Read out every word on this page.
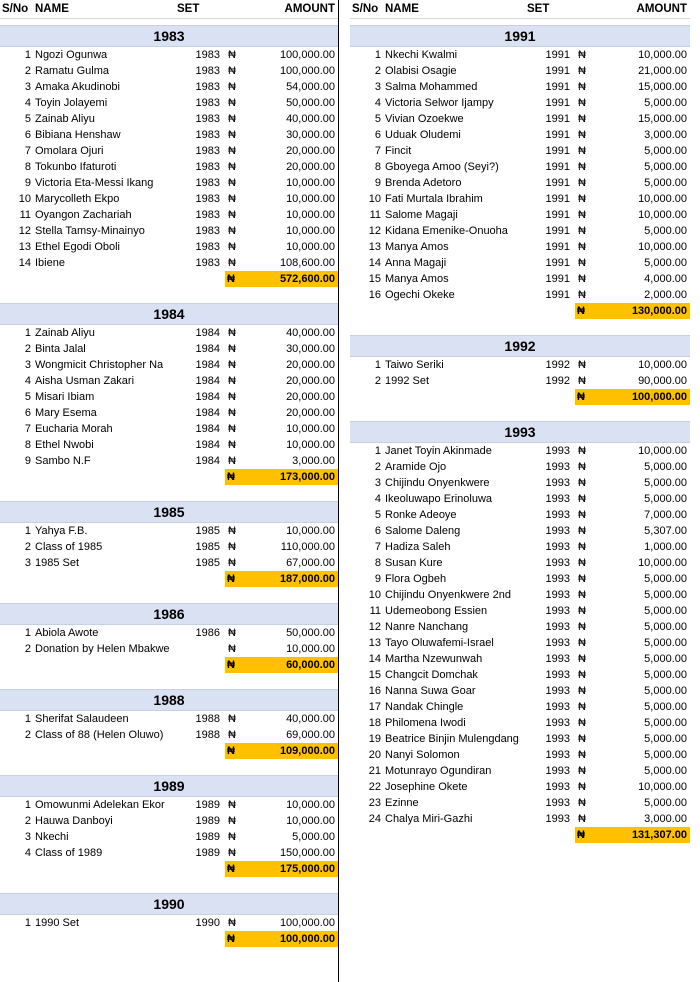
S/No NAME	SET	AMOUNT
1983
1 Ngozi Ogunwa	1983 ₦	100,000.00
2 Ramatu Gulma	1983 ₦	100,000.00
3 Amaka Akudinobi	1983 ₦	54,000.00
4 Toyin Jolayemi	1983 ₦	50,000.00
5 Zainab Aliyu	1983 ₦	40,000.00
6 Bibiana Henshaw	1983 ₦	30,000.00
7 Omolara Ojuri	1983 ₦	20,000.00
8 Tokunbo Ifaturoti	1983 ₦	20,000.00
9 Victoria Eta-Messi Ikang	1983 ₦	10,000.00
10 Marycolleth Ekpo	1983 ₦	10,000.00
11 Oyangon Zachariah	1983 ₦	10,000.00
12 Stella Tamsy-Minainyo	1983 ₦	10,000.00
13 Ethel Egodi Oboli	1983 ₦	10,000.00
14 Ibiene	1983 ₦	108,600.00
₦	572,600.00
1984
1 Zainab Aliyu	1984 ₦	40,000.00
2 Binta Jalal	1984 ₦	30,000.00
3 Wongmicit Christopher Na	1984 ₦	20,000.00
4 Aisha Usman Zakari	1984 ₦	20,000.00
5 Misari Ibiam	1984 ₦	20,000.00
6 Mary Esema	1984 ₦	20,000.00
7 Eucharia Morah	1984 ₦	10,000.00
8 Ethel Nwobi	1984 ₦	10,000.00
9 Sambo N.F	1984 ₦	3,000.00
₦	173,000.00
1985
1 Yahya F.B.	1985 ₦	10,000.00
2 Class of 1985	1985 ₦	110,000.00
3 1985 Set	1985 ₦	67,000.00
₦	187,000.00
1986
1 Abiola Awote	1986 ₦	50,000.00
2 Donation by Helen Mbakwe	₦	10,000.00
₦	60,000.00
1988
1 Sherifat Salaudeen	1988 ₦	40,000.00
2 Class of 88 (Helen Oluwo)	1988 ₦	69,000.00
₦	109,000.00
1989
1 Omowunmi Adelekan Ekor	1989 ₦	10,000.00
2 Hauwa Danboyi	1989 ₦	10,000.00
3 Nkechi	1989 ₦	5,000.00
4 Class of 1989	1989 ₦	150,000.00
₦	175,000.00
1990
1 1990 Set	1990 ₦	100,000.00
₦	100,000.00
S/No NAME	SET	AMOUNT
1991
1 Nkechi Kwalmi	1991 ₦	10,000.00
2 Olabisi Osagie	1991 ₦	21,000.00
3 Salma Mohammed	1991 ₦	15,000.00
4 Victoria Selwor Ijampy	1991 ₦	5,000.00
5 Vivian Ozoekwe	1991 ₦	15,000.00
6 Uduak Oludemi	1991 ₦	3,000.00
7 Fincit	1991 ₦	5,000.00
8 Gboyega Amoo (Seyi?)	1991 ₦	5,000.00
9 Brenda Adetoro	1991 ₦	5,000.00
10 Fati Murtala Ibrahim	1991 ₦	10,000.00
11 Salome Magaji	1991 ₦	10,000.00
12 Kidana Emenike-Onuoha	1991 ₦	5,000.00
13 Manya Amos	1991 ₦	10,000.00
14 Anna Magaji	1991 ₦	5,000.00
15 Manya Amos	1991 ₦	4,000.00
16 Ogechi Okeke	1991 ₦	2,000.00
₦	130,000.00
1992
1 Taiwo Seriki	1992 ₦	10,000.00
2 1992 Set	1992 ₦	90,000.00
₦	100,000.00
1993
1 Janet Toyin Akinmade	1993 ₦	10,000.00
2 Aramide Ojo	1993 ₦	5,000.00
3 Chijindu Onyenkwere	1993 ₦	5,000.00
4 Ikeoluwapo Erinoluwa	1993 ₦	5,000.00
5 Ronke Adeoye	1993 ₦	7,000.00
6 Salome Daleng	1993 ₦	5,307.00
7 Hadiza Saleh	1993 ₦	1,000.00
8 Susan Kure	1993 ₦	10,000.00
9 Flora Ogbeh	1993 ₦	5,000.00
10 Chijindu Onyenkwere 2nd	1993 ₦	5,000.00
11 Udemeobong Essien	1993 ₦	5,000.00
12 Nanre Nanchang	1993 ₦	5,000.00
13 Tayo Oluwafemi-Israel	1993 ₦	5,000.00
14 Martha Nzewunwah	1993 ₦	5,000.00
15 Changcit Domchak	1993 ₦	5,000.00
16 Nanna Suwa Goar	1993 ₦	5,000.00
17 Nandak Chingle	1993 ₦	5,000.00
18 Philomena Iwodi	1993 ₦	5,000.00
19 Beatrice Binjin Mulengdang	1993 ₦	5,000.00
20 Nanyi Solomon	1993 ₦	5,000.00
21 Motunrayo Ogundiran	1993 ₦	5,000.00
22 Josephine Okete	1993 ₦	10,000.00
23 Ezinne	1993 ₦	5,000.00
24 Chalya Miri-Gazhi	1993 ₦	3,000.00
₦	131,307.00
